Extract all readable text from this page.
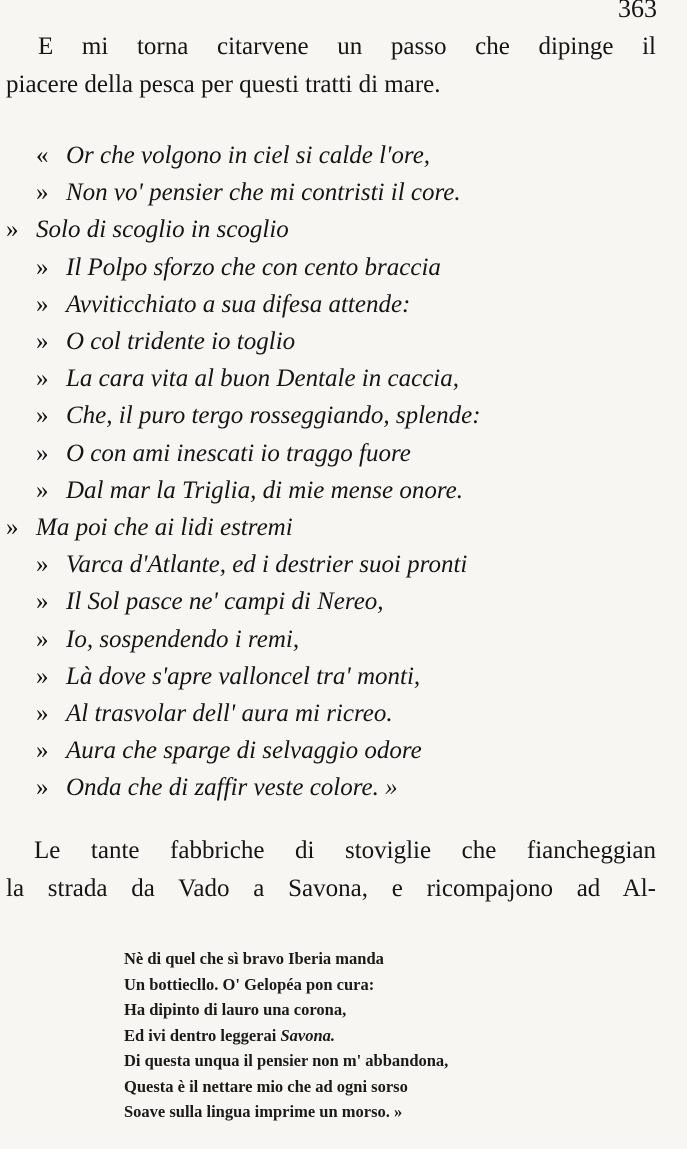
363
E mi torna citarvene un passo che dipinge il
piacere della pesca per questi tratti di mare.
« Or che volgono in ciel si calde l'ore,
» Non vo' pensier che mi contristi il core.
» Solo di scoglio in scoglio
» Il Polpo sforzo che con cento braccia
» Avviticchiato a sua difesa attende:
» O col tridente io toglio
» La cara vita al buon Dentale in caccia,
» Che, il puro tergo rosseggiando, splende:
» O con ami inescati io traggo fuore
» Dal mar la Triglia, di mie mense onore.
» Ma poi che ai lidi estremi
» Varca d'Atlante, ed i destrier suoi pronti
» Il Sol pasce ne' campi di Nereo,
» Io, sospendendo i remi,
» Là dove s'apre valloncel tra' monti,
» Al trasvolar dell' aura mi ricreo.
» Aura che sparge di selvaggio odore
» Onda che di zaffir veste colore. »
Le tante fabbriche di stoviglie che fiancheggian
la strada da Vado a Savona, e ricompajono ad Al-
Nè di quel che sì bravo Iberia manda
Un bottiecllo. O' Gelopéa pon cura:
Ha dipinto di lauro una corona,
Ed ivi dentro leggerai Savona.
Di questa unqua il pensier non m' abbandona,
Questa è il nettare mio che ad ogni sorso
Soave sulla lingua imprime un morso. »
